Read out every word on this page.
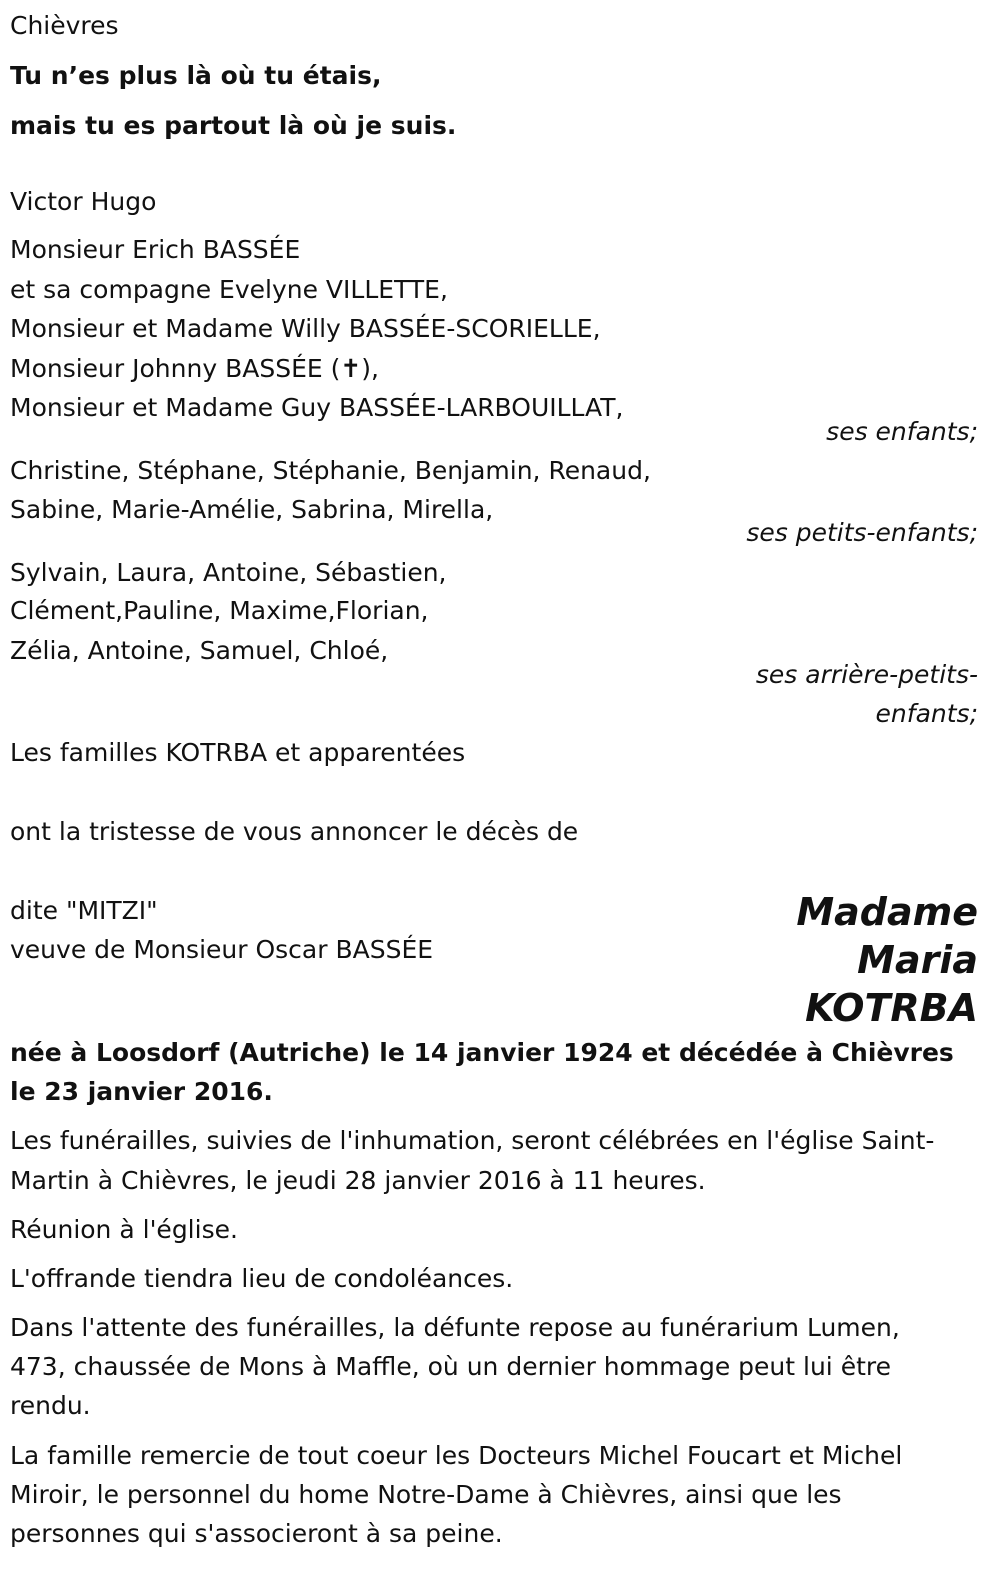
Chièvres

Tu n’es plus là où tu étais,

mais tu es partout là où je suis.

Victor Hugo

Monsieur Erich BASSÉE

et sa compagne Evelyne VILLETTE,

Monsieur et Madame Willy BASSÉE-SCORIELLE,

Monsieur Johnny BASSÉE (✝),

Monsieur et Madame Guy BASSÉE-LARBOUILLAT,

ses enfants;

Christine, Stéphane, Stéphanie, Benjamin, Renaud,

Sabine, Marie-Amélie, Sabrina, Mirella,

ses petits-enfants;

Sylvain, Laura, Antoine, Sébastien,

Clément,Pauline, Maxime,Florian,

Zélia, Antoine, Samuel, Chloé,

ses arrière-petits-

enfants;

Les familles KOTRBA et apparentées

ont la tristesse de vous annoncer le décès de

dite "MITZI"

veuve de Monsieur Oscar BASSÉE

Madame
Maria
KOTRBA

née à Loosdorf (Autriche) le 14 janvier 1924 et décédée à Chièvres le 23 janvier 2016.

Les funérailles, suivies de l'inhumation, seront célébrées en l'église Saint-

Martin à Chièvres, le jeudi 28 janvier 2016 à 11 heures.

Réunion à l'église.

L'offrande tiendra lieu de condoléances.

Dans l'attente des funérailles, la défunte repose au funérarium Lumen,

473, chaussée de Mons à Maffle, où un dernier hommage peut lui être

rendu.

La famille remercie de tout coeur les Docteurs Michel Foucart et Michel

Miroir, le personnel du home Notre-Dame à Chièvres, ainsi que les

personnes qui s'associeront à sa peine.
